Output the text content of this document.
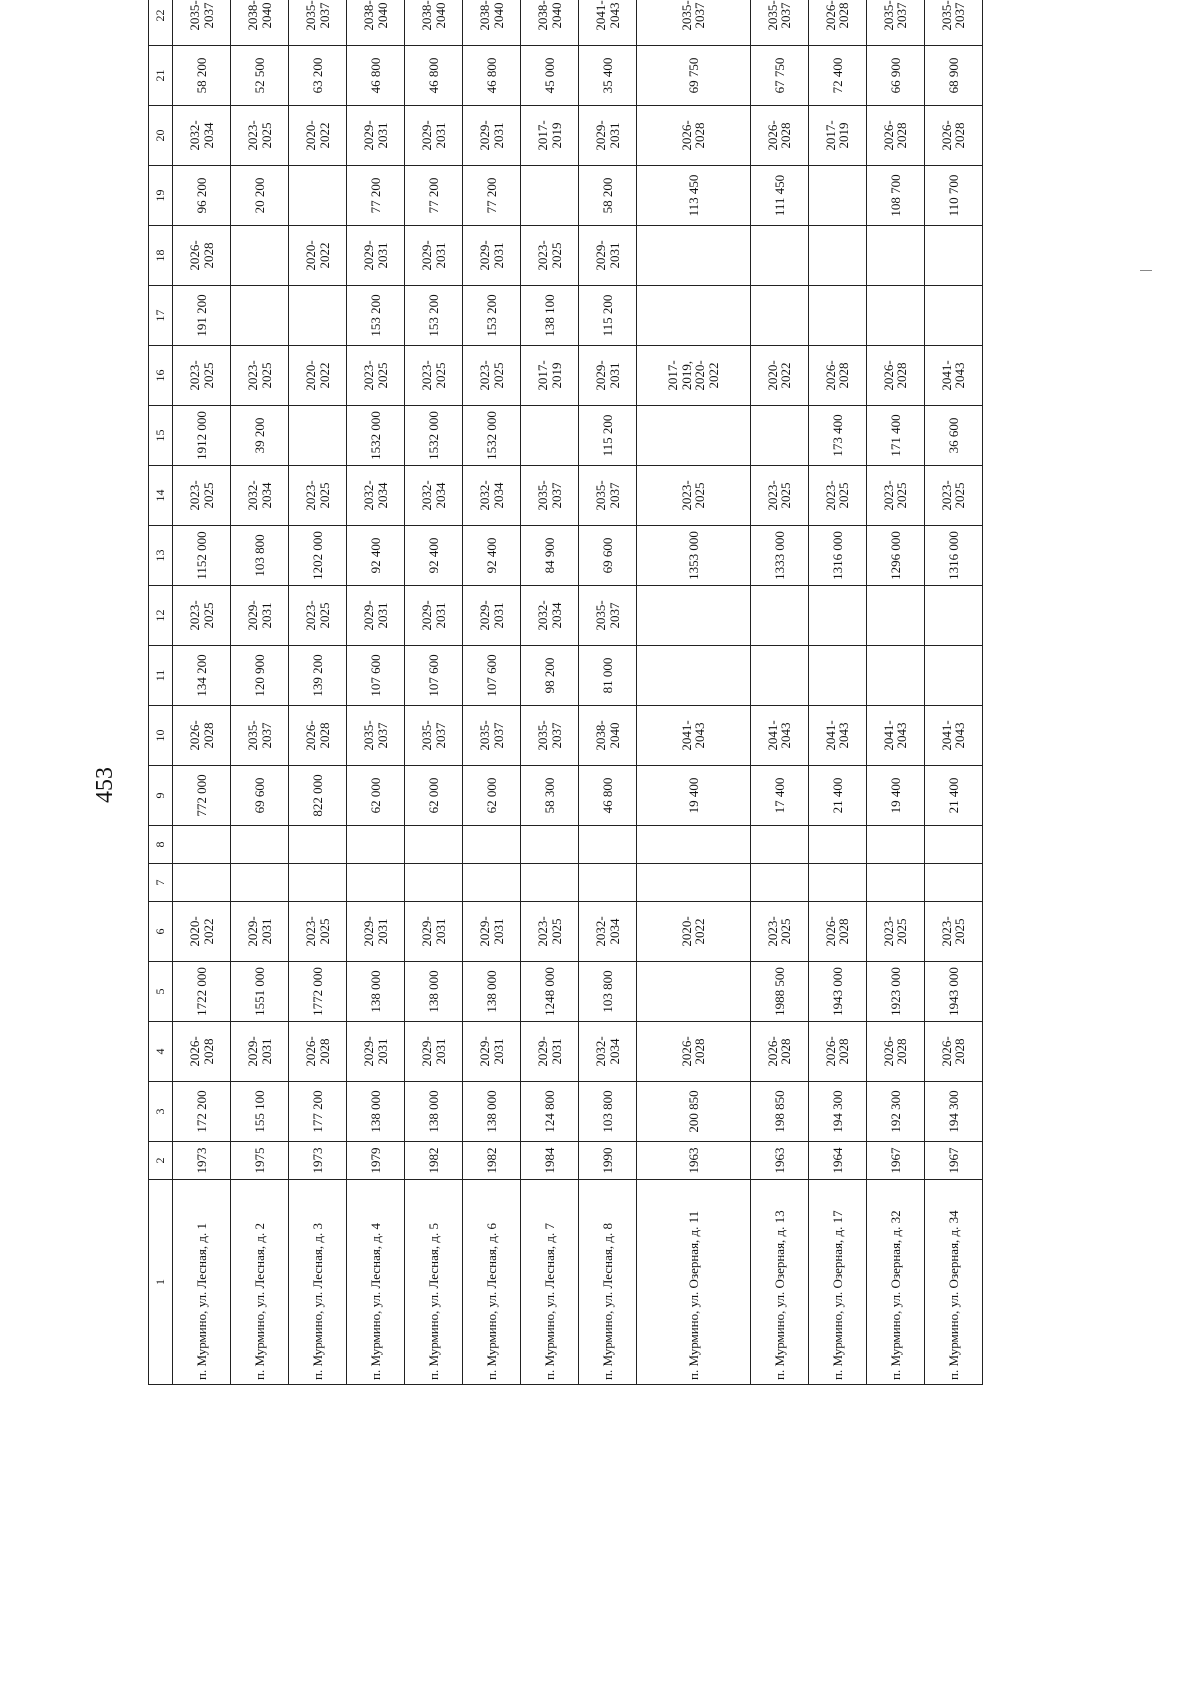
453
1	2	3	4	5	6	7	8	9	10	11	12	13	14	15	16	17	18	19	20	21	22		
п. Мурмино, ул. Лесная, д. 1	1973	172 200	2026-2028	1722 000	2020-2022			772 000	2026-2028	134 200	2023-2025	1152 000	2023-2025	1912 000	2023-2025	191 200	2026-2028	96 200	2032-2034	58 200	2035-2037		
п. Мурмино, ул. Лесная, д. 2	1975	155 100	2029-2031	1551 000	2029-2031			69 600	2035-2037	120 900	2029-2031	103 800	2032-2034	39 200	2023-2025			20 200	2023-2025	52 500	2038-2040		
п. Мурмино, ул. Лесная, д. 3	1973	177 200	2026-2028	1772 000	2023-2025			822 000	2026-2028	139 200	2023-2025	1202 000	2023-2025		2020-2022		2020-2022		2020-2022	63 200	2035-2037		
п. Мурмино, ул. Лесная, д. 4	1979	138 000	2029-2031	138 000	2029-2031			62 000	2035-2037	107 600	2029-2031	92 400	2032-2034	1532 000	2023-2025	153 200	2029-2031	77 200	2029-2031	46 800	2038-2040		
п. Мурмино, ул. Лесная, д. 5	1982	138 000	2029-2031	138 000	2029-2031			62 000	2035-2037	107 600	2029-2031	92 400	2032-2034	1532 000	2023-2025	153 200	2029-2031	77 200	2029-2031	46 800	2038-2040		
п. Мурмино, ул. Лесная, д. 6	1982	138 000	2029-2031	138 000	2029-2031			62 000	2035-2037	107 600	2029-2031	92 400	2032-2034	1532 000	2023-2025	153 200	2029-2031	77 200	2029-2031	46 800	2038-2040		
п. Мурмино, ул. Лесная, д. 7	1984	124 800	2029-2031	1248 000	2023-2025			58 300	2035-2037	98 200	2032-2034	84 900	2035-2037		2017-2019	138 100	2023-2025		2017-2019	45 000	2038-2040		
п. Мурмино, ул. Лесная, д. 8	1990	103 800	2032-2034	103 800	2032-2034			46 800	2038-2040	81 000	2035-2037	69 600	2035-2037	115 200	2029-2031	115 200	2029-2031	58 200	2029-2031	35 400	2041-2043		
п. Мурмино, ул. Озерная, д. 11	1963	200 850	2026-2028		2020-2022			19 400	2041-2043			1353 000	2023-2025		2017-2019, 2020-2022			113 450	2026-2028	69 750	2035-2037		
п. Мурмино, ул. Озерная, д. 13	1963	198 850	2026-2028	1988 500	2023-2025			17 400	2041-2043			1333 000	2023-2025		2020-2022			111 450	2026-2028	67 750	2035-2037		
п. Мурмино, ул. Озерная, д. 17	1964	194 300	2026-2028	1943 000	2026-2028			21 400	2041-2043			1316 000	2023-2025	173 400	2026-2028				2017-2019	72 400	2026-2028		
п. Мурмино, ул. Озерная, д. 32	1967	192 300	2026-2028	1923 000	2023-2025			19 400	2041-2043			1296 000	2023-2025	171 400	2026-2028			108 700	2026-2028	66 900	2035-2037		
п. Мурмино, ул. Озерная, д. 34	1967	194 300	2026-2028	1943 000	2023-2025			21 400	2041-2043			1316 000	2023-2025	36 600	2041-2043			110 700	2026-2028	68 900	2035-2037		
